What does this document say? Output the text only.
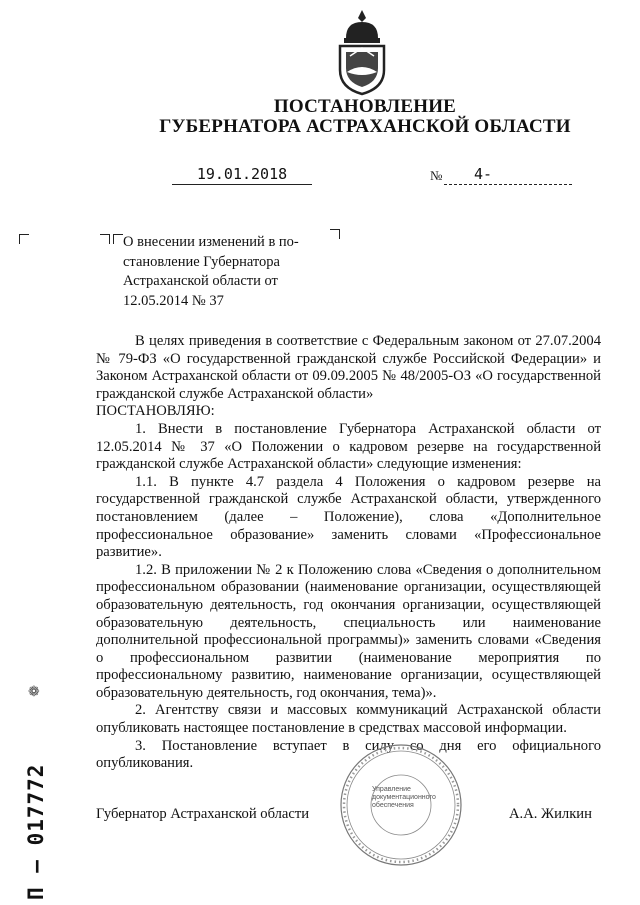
ПОСТАНОВЛЕНИЕ
ГУБЕРНАТОРА АСТРАХАНСКОЙ ОБЛАСТИ
19.01.2018	№	4-
О внесении изменений в по-
становление Губернатора
Астраханской области от
12.05.2014 № 37

В целях приведения в соответствие с Федеральным законом от 27.07.2004 № 79-ФЗ «О государственной гражданской службе Российской Федерации» и Законом Астраханской области от 09.09.2005 № 48/2005-ОЗ «О государственной гражданской службе Астраханской области»

ПОСТАНОВЛЯЮ:

1. Внести в постановление Губернатора Астраханской области от 12.05.2014 № 37 «О Положении о кадровом резерве на государственной гражданской службе Астраханской области» следующие изменения:

1.1. В пункте 4.7 раздела 4 Положения о кадровом резерве на государственной гражданской службе Астраханской области, утвержденного постановлением (далее – Положение), слова «Дополнительное профессиональное образование» заменить словами «Профессиональное развитие».

1.2. В приложении № 2 к Положению слова «Сведения о дополнительном профессиональном образовании (наименование организации, осуществляющей образовательную деятельность, год окончания организации, осуществляющей образовательную деятельность, специальность или наименование дополнительной профессиональной программы)» заменить словами «Сведения о профессиональном развитии (наименование мероприятия по профессиональному развитию, наименование организации, осуществляющей образовательную деятельность, год окончания, тема)».

2. Агентству связи и массовых коммуникаций Астраханской области опубликовать настоящее постановление в средствах массовой информации.

3. Постановление вступает в силу со дня его официального опубликования.

Управление документационного обеспечения
Губернатор Астраханской области	А.А. Жилкин
П – 017772
❁
